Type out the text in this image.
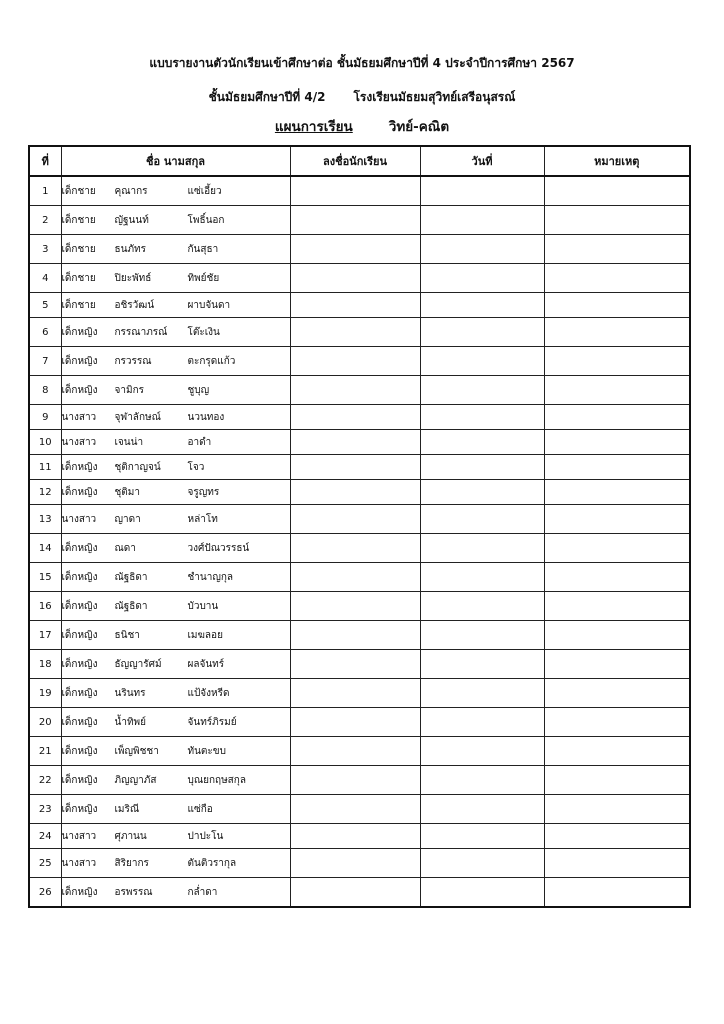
แบบรายงานตัวนักเรียนเข้าศึกษาต่อ ชั้นมัธยมศึกษาปีที่ 4 ประจำปีการศึกษา 2567
ชั้นมัธยมศึกษาปีที่ 4/2 โรงเรียนมัธยมสุวิทย์เสรีอนุสรณ์
แผนการเรียน	วิทย์-คณิต
ที่	ชื่อ นามสกุล	ลงชื่อนักเรียน	วันที่	หมายเหตุ
1	เด็กชาย คุณากร แซ่เอี้ยว			
2	เด็กชาย ญัฐนนท์ โพธิ์นอก			
3	เด็กชาย ธนภัทร กันสุธา			
4	เด็กชาย ปิยะพัทธ์ ทิพย์ชัย			
5	เด็กชาย อชิรวัฒน์ ผาบจันดา			
6	เด็กหญิง กรรณาภรณ์ โต๊ะเงิน			
7	เด็กหญิง กรวรรณ ตะกรุดแก้ว			
8	เด็กหญิง จามิกร ชูบุญ			
9	นางสาว จุฬาลักษณ์ นวนทอง			
10	นางสาว เจนน่า อาดำ			
11	เด็กหญิง ชุติกาญจน์ โจว			
12	เด็กหญิง ชุติมา จรูญทร			
13	นางสาว ญาดา หล่าโท			
14	เด็กหญิง ณดา วงศ์ปัณวรรธน์			
15	เด็กหญิง ณัฐธิดา ชำนาญกุล			
16	เด็กหญิง ณัฐธิดา บัวบาน			
17	เด็กหญิง ธนิชา เมฆลอย			
18	เด็กหญิง ธัญญารัศม์ ผลจันทร์			
19	เด็กหญิง นรินทร แป้จังหรีด			
20	เด็กหญิง น้ำทิพย์ จันทร์ภิรมย์			
21	เด็กหญิง เพ็ญพิชชา ทันตะขบ			
22	เด็กหญิง ภิญญาภัส บุณยกฤษสกุล			
23	เด็กหญิง เมริณี แซ่กือ			
24	นางสาว ศุภานน ปาปะโน			
25	นางสาว สิริยากร ตันติวรากุล			
26	เด็กหญิง อรพรรณ กล่ำดา			
